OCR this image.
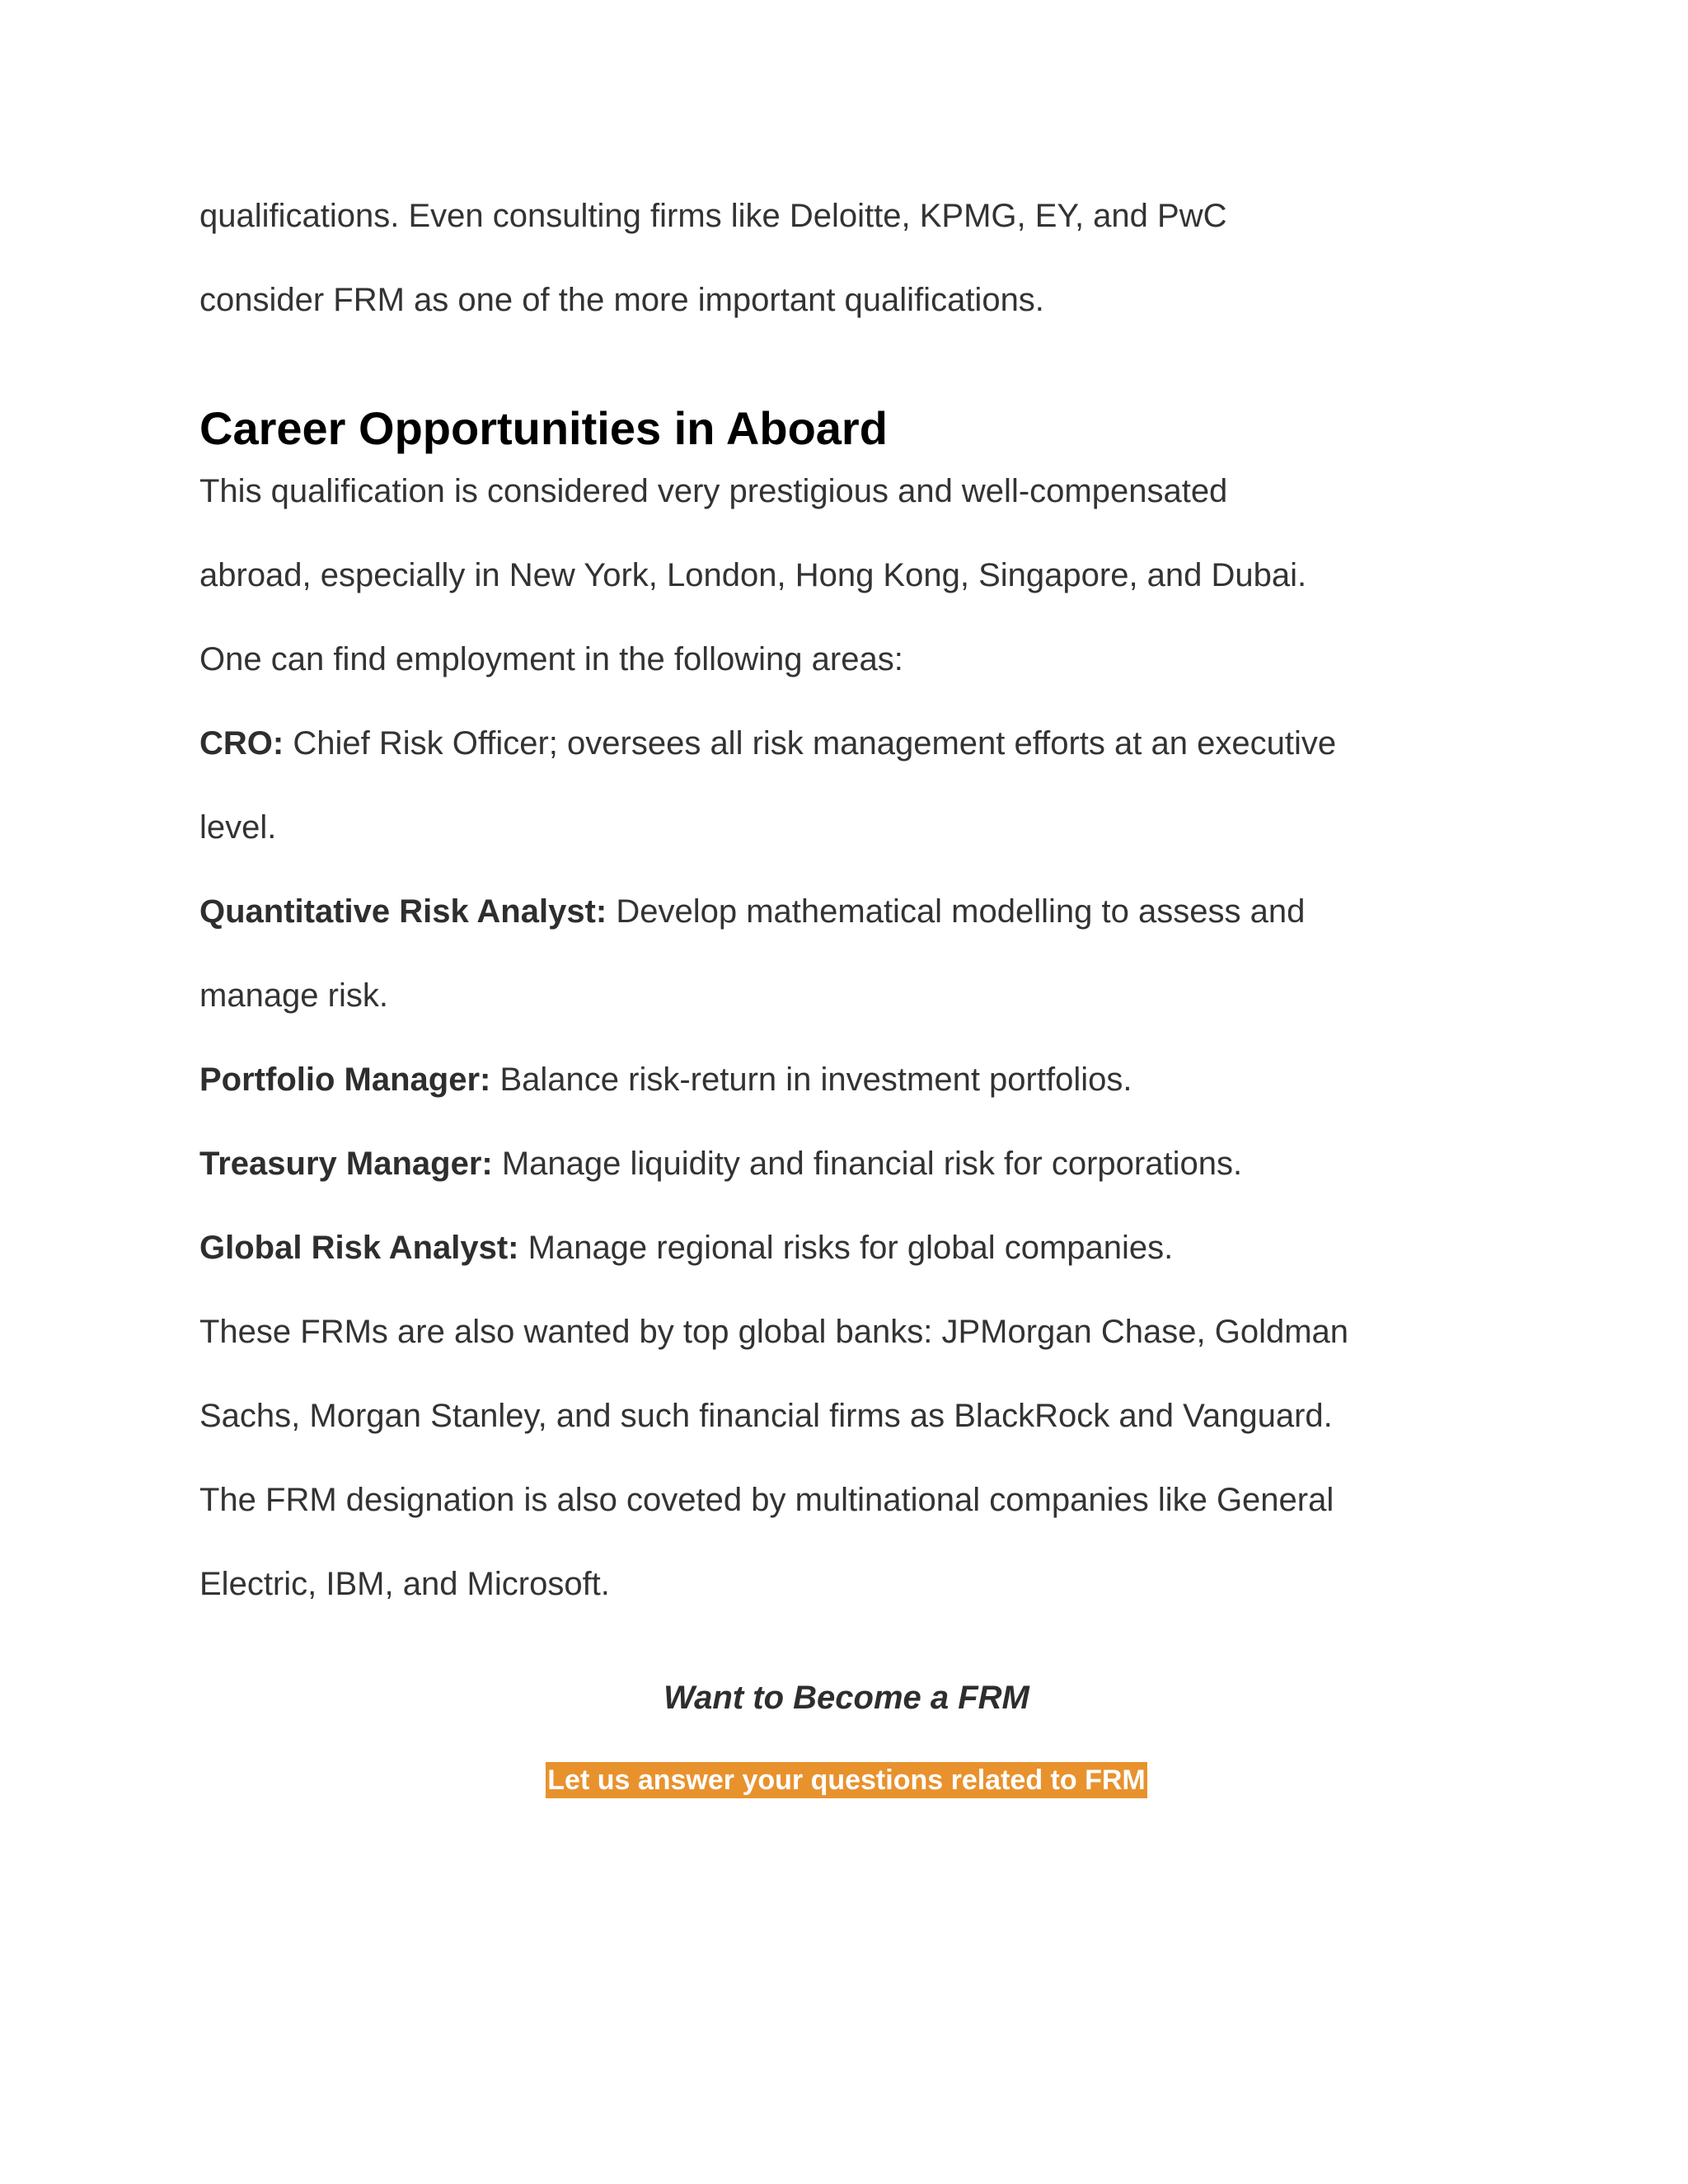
qualifications. Even consulting firms like Deloitte, KPMG, EY, and PwC
consider FRM as one of the more important qualifications.
Career Opportunities in Aboard
This qualification is considered very prestigious and well-compensated
abroad, especially in New York, London, Hong Kong, Singapore, and Dubai.
One can find employment in the following areas:
CRO: Chief Risk Officer; oversees all risk management efforts at an executive
level.
Quantitative Risk Analyst: Develop mathematical modelling to assess and
manage risk.
Portfolio Manager: Balance risk-return in investment portfolios.
Treasury Manager: Manage liquidity and financial risk for corporations.
Global Risk Analyst: Manage regional risks for global companies.
These FRMs are also wanted by top global banks: JPMorgan Chase, Goldman
Sachs, Morgan Stanley, and such financial firms as BlackRock and Vanguard.
The FRM designation is also coveted by multinational companies like General
Electric, IBM, and Microsoft.
Want to Become a FRM
Let us answer your questions related to FRM
